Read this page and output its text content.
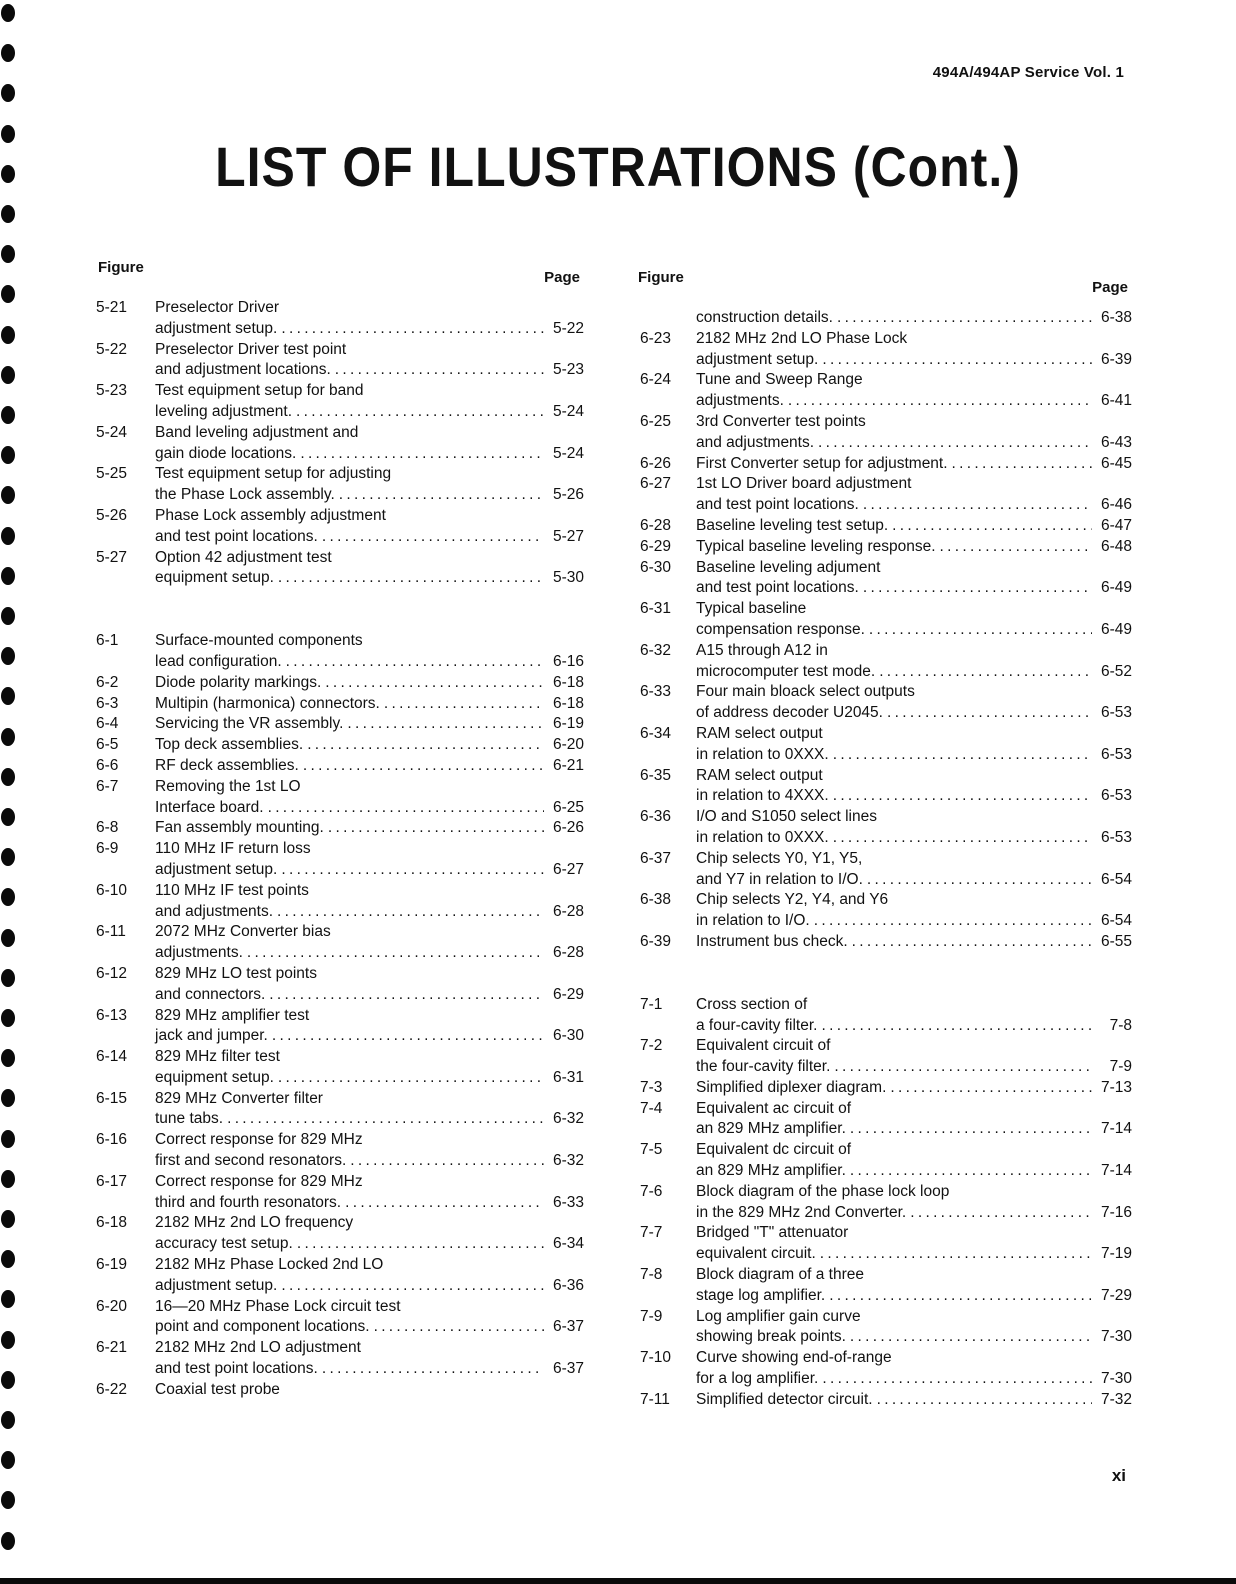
494A/494AP Service Vol. 1
LIST OF ILLUSTRATIONS (Cont.)
Figure
Page
5-21	Preselector Driver
adjustment setup. . . .	5-22
5-22	Preselector Driver test point
and adjustment locations. . . .	5-23
5-23	Test equipment setup for band
leveling adjustment. . . .	5-24
5-24	Band leveling adjustment and
gain diode locations. . . .	5-24
5-25	Test equipment setup for adjusting
the Phase Lock assembly. . . .	5-26
5-26	Phase Lock assembly adjustment
and test point locations. . . .	5-27
5-27	Option 42 adjustment test
equipment setup. . . .	5-30
6-1	Surface-mounted components
lead configuration. . . .	6-16
6-2	Diode polarity markings. . . .	6-18
6-3	Multipin (harmonica) connectors. . . .	6-18
6-4	Servicing the VR assembly. . . .	6-19
6-5	Top deck assemblies. . . .	6-20
6-6	RF deck assemblies. . . .	6-21
6-7	Removing the 1st LO
Interface board. . . .	6-25
6-8	Fan assembly mounting. . . .	6-26
6-9	110 MHz IF return loss
adjustment setup. . . .	6-27
6-10	110 MHz IF test points
and adjustments. . . .	6-28
6-11	2072 MHz Converter bias
adjustments. . . .	6-28
6-12	829 MHz LO test points
and connectors. . . .	6-29
6-13	829 MHz amplifier test
jack and jumper. . . .	6-30
6-14	829 MHz filter test
equipment setup. . . .	6-31
6-15	829 MHz Converter filter
tune tabs. . . .	6-32
6-16	Correct response for 829 MHz
first and second resonators. . . .	6-32
6-17	Correct response for 829 MHz
third and fourth resonators. . . .	6-33
6-18	2182 MHz 2nd LO frequency
accuracy test setup. . . .	6-34
6-19	2182 MHz Phase Locked 2nd LO
adjustment setup. . . .	6-36
6-20	16—20 MHz Phase Lock circuit test
point and component locations. . . .	6-37
6-21	2182 MHz 2nd LO adjustment
and test point locations. . . .	6-37
6-22	Coaxial test probe
Figure
Page
construction details. . . .	6-38
6-23	2182 MHz 2nd LO Phase Lock
adjustment setup. . . .	6-39
6-24	Tune and Sweep Range
adjustments. . . .	6-41
6-25	3rd Converter test points
and adjustments. . . .	6-43
6-26	First Converter setup for adjustment. . . .	6-45
6-27	1st LO Driver board adjustment
and test point locations. . . .	6-46
6-28	Baseline leveling test setup. . . .	6-47
6-29	Typical baseline leveling response. . . .	6-48
6-30	Baseline leveling adjument
and test point locations. . . .	6-49
6-31	Typical baseline
compensation response. . . .	6-49
6-32	A15 through A12 in
microcomputer test mode. . . .	6-52
6-33	Four main bloack select outputs
of address decoder U2045. . . .	6-53
6-34	RAM select output
in relation to 0XXX. . . .	6-53
6-35	RAM select output
in relation to 4XXX. . . .	6-53
6-36	I/O and S1050 select lines
in relation to 0XXX. . . .	6-53
6-37	Chip selects Y0, Y1, Y5,
and Y7 in relation to I/O. . . .	6-54
6-38	Chip selects Y2, Y4, and Y6
in relation to I/O. . . .	6-54
6-39	Instrument bus check. . . .	6-55
7-1	Cross section of
a four-cavity filter. . . .	7-8
7-2	Equivalent circuit of
the four-cavity filter. . . .	7-9
7-3	Simplified diplexer diagram. . . .	7-13
7-4	Equivalent ac circuit of
an 829 MHz amplifier. . . .	7-14
7-5	Equivalent dc circuit of
an 829 MHz amplifier. . . .	7-14
7-6	Block diagram of the phase lock loop
in the 829 MHz 2nd Converter. . . .	7-16
7-7	Bridged "T" attenuator
equivalent circuit. . . .	7-19
7-8	Block diagram of a three
stage log amplifier. . . .	7-29
7-9	Log amplifier gain curve
showing break points. . . .	7-30
7-10	Curve showing end-of-range
for a log amplifier. . . .	7-30
7-11	Simplified detector circuit. . . .	7-32
xi
